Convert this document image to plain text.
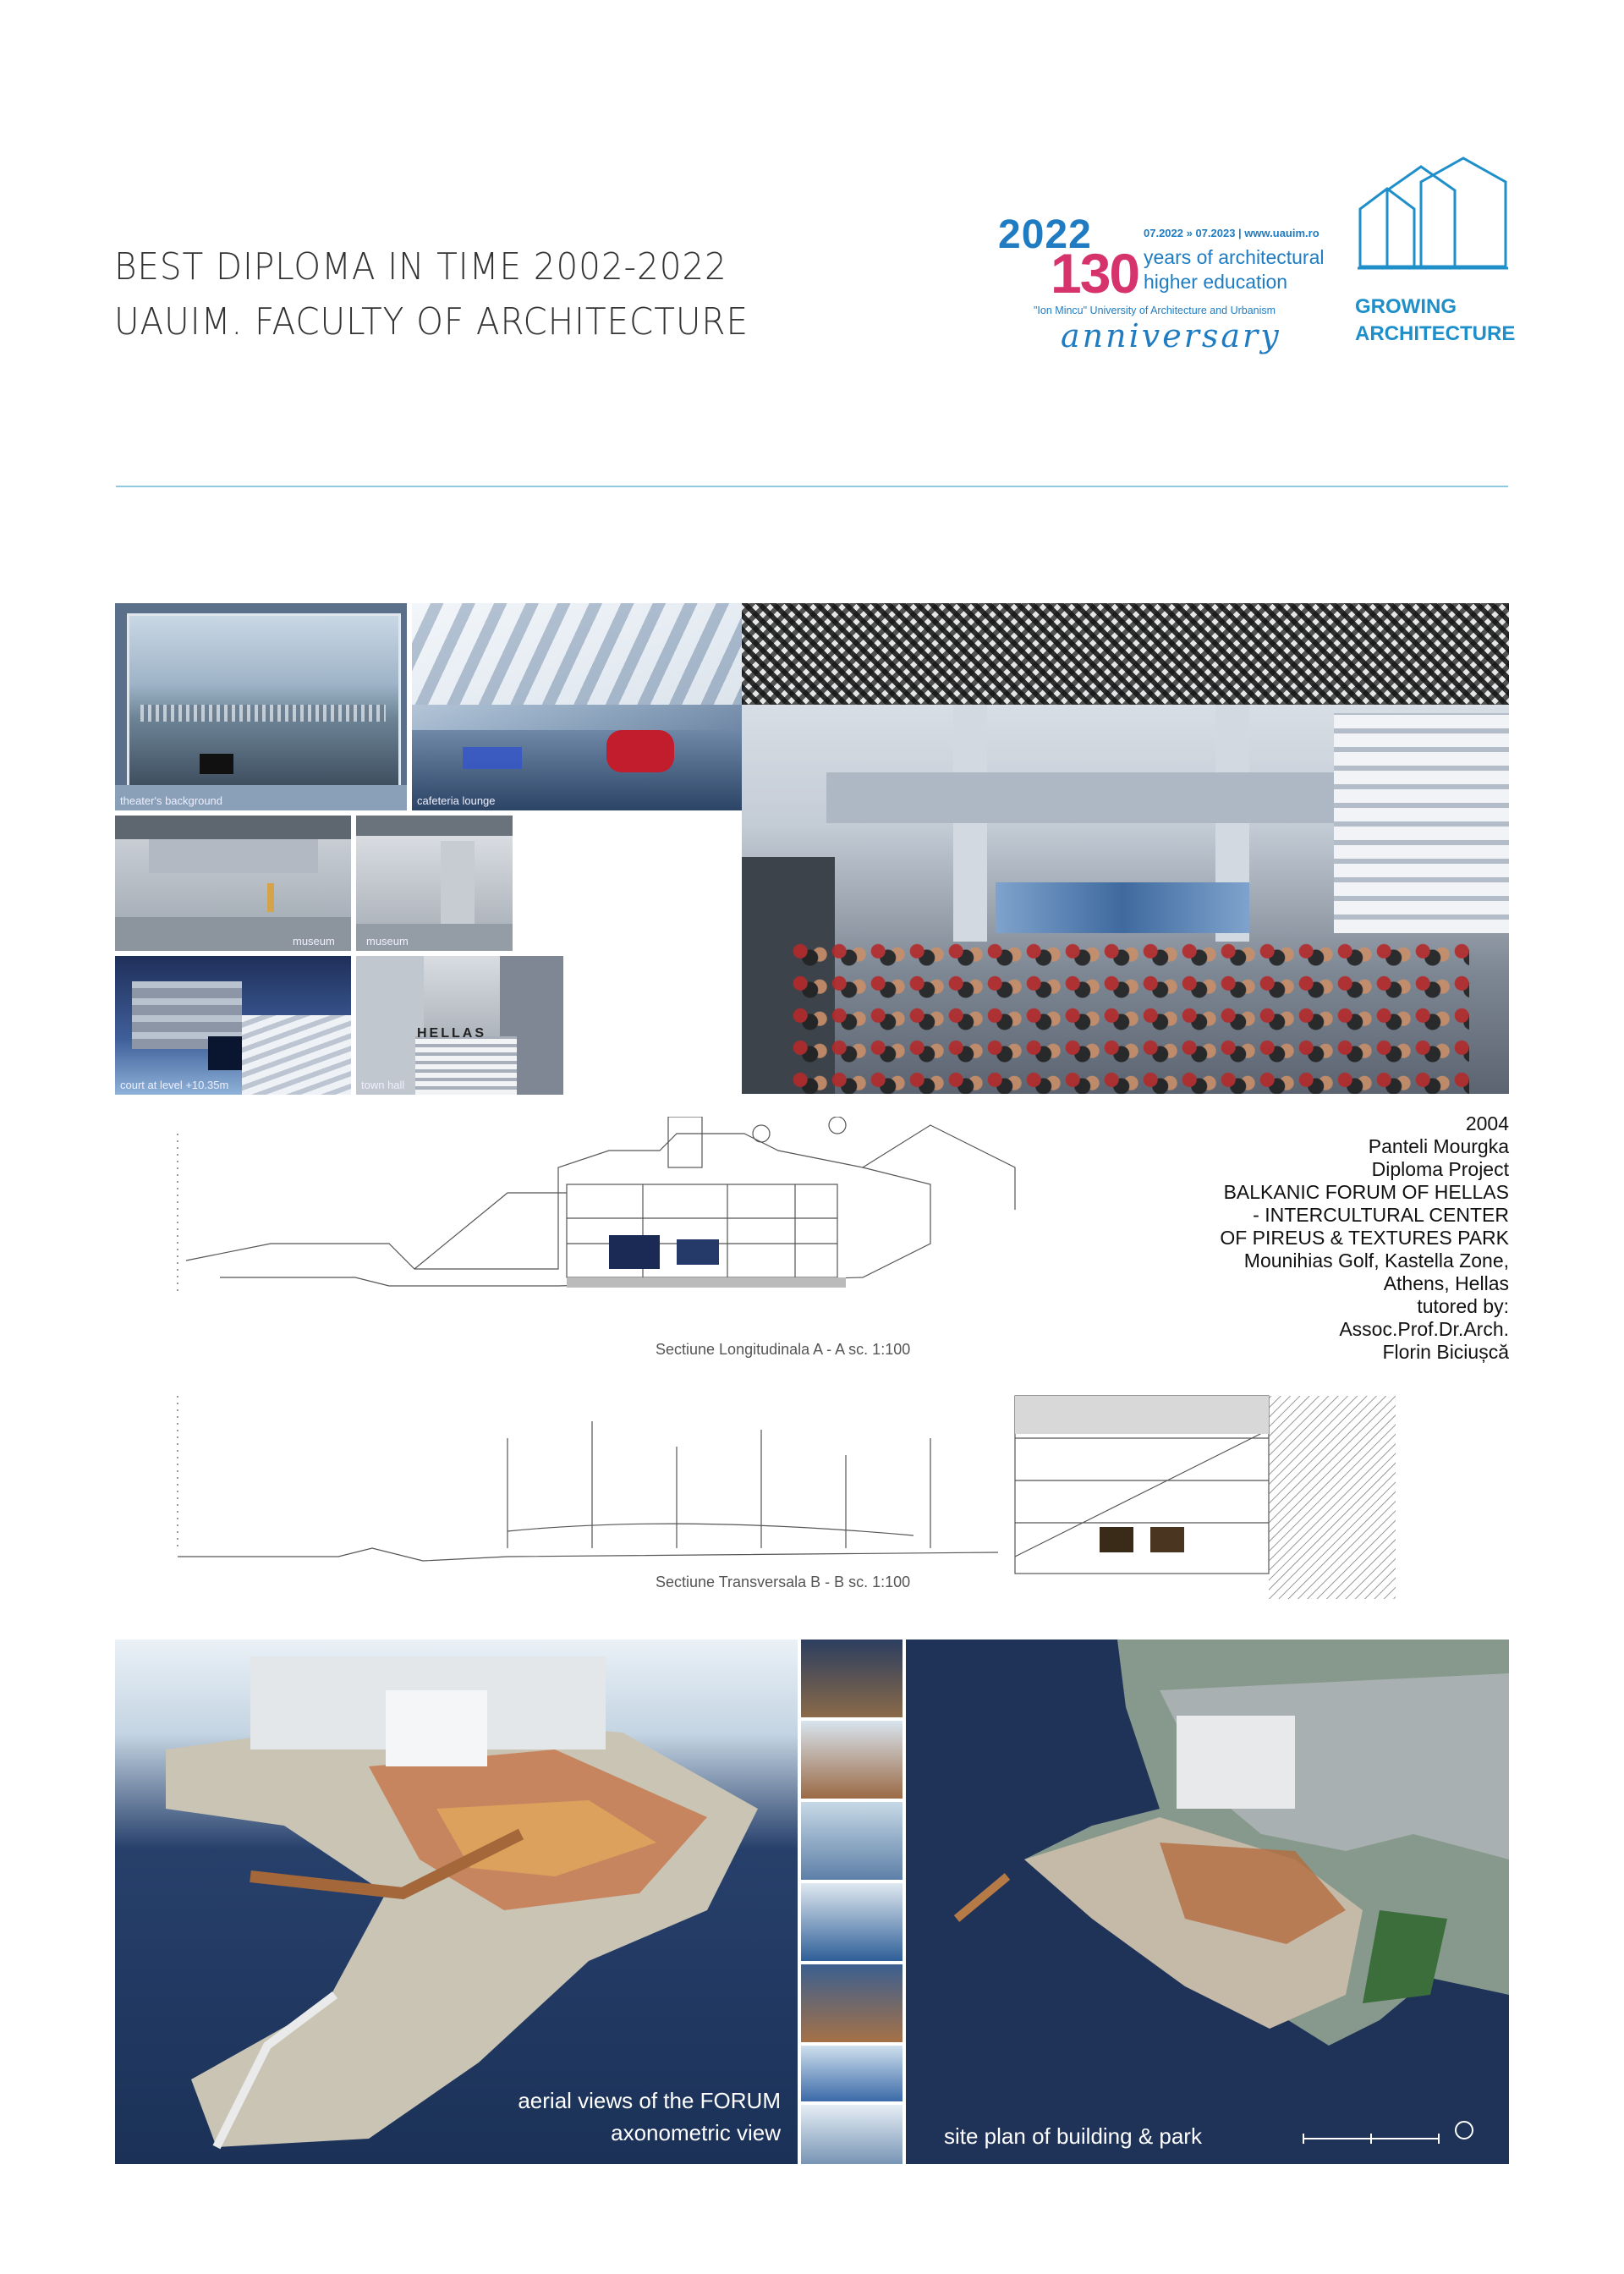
BEST DIPLOMA IN TIME 2002-2022
UAUIM. FACULTY OF ARCHITECTURE
2022
130
07.2022 » 07.2023 | www.uauim.ro
years of architectural
higher education
"Ion Mincu" University of Architecture and Urbanism
anniversary
GROWING
ARCHITECTURE
theater's background	cafeteria lounge
museum	museum
court at level +10.35m
HELLAS
town hall
2004
Panteli Mourgka
Diploma Project
BALKANIC FORUM OF HELLAS
- INTERCULTURAL CENTER
OF PIREUS & TEXTURES PARK
Mounihias Golf, Kastella Zone,
Athens, Hellas
tutored by:
Assoc.Prof.Dr.Arch.
Florin Biciușcă
Sectiune Longitudinala A - A sc. 1:100
Sectiune Transversala B - B sc. 1:100
aerial views of the FORUM
axonometric view	site plan of building & park
